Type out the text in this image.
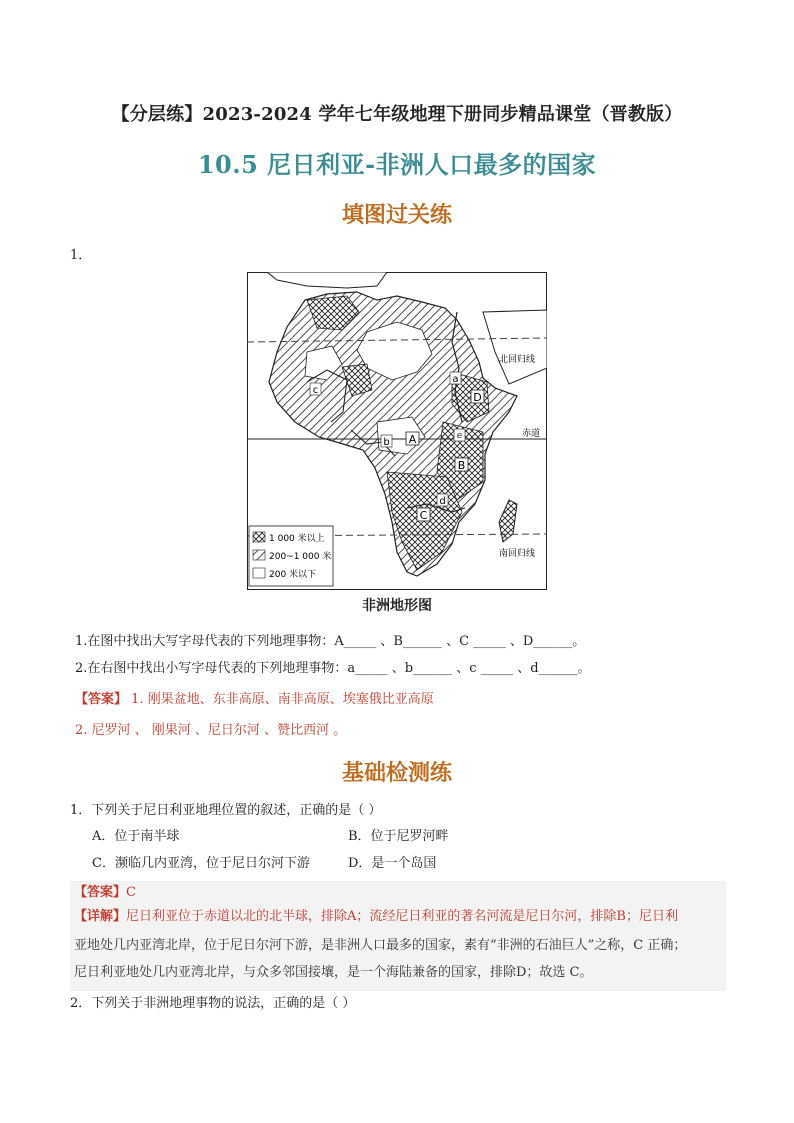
【分层练】2023-2024 学年七年级地理下册同步精品课堂（晋教版）
10.5 尼日利亚-非洲人口最多的国家
填图过关练
1．
A
B
C
D
a
b
c
d
e
北回归线
赤道
南回归线
1 000 米以上
200~1 000 米
200 米以下
非洲地形图
1.在图中找出大写字母代表的下列地理事物：A_____ 、B______ 、C _____ 、D______。
2.在右图中找出小写字母代表的下列地理事物：a_____ 、b______ 、c _____ 、d______。
【答案】 1. 刚果盆地、东非高原、南非高原、埃塞俄比亚高原
2. 尼罗河 、 刚果河 、尼日尔河 、赞比西河 。
基础检测练
1．下列关于尼日利亚地理位置的叙述，正确的是（ ）
A．位于南半球	B．位于尼罗河畔
C．濒临几内亚湾，位于尼日尔河下游	D．是一个岛国
【答案】C
【详解】尼日利亚位于赤道以北的北半球，排除A；流经尼日利亚的著名河流是尼日尔河，排除B；尼日利
亚地处几内亚湾北岸，位于尼日尔河下游，是非洲人口最多的国家，素有“非洲的石油巨人”之称，C 正确；
尼日利亚地处几内亚湾北岸，与众多邻国接壤，是一个海陆兼备的国家，排除D；故选 C。
2．下列关于非洲地理事物的说法，正确的是（ ）
